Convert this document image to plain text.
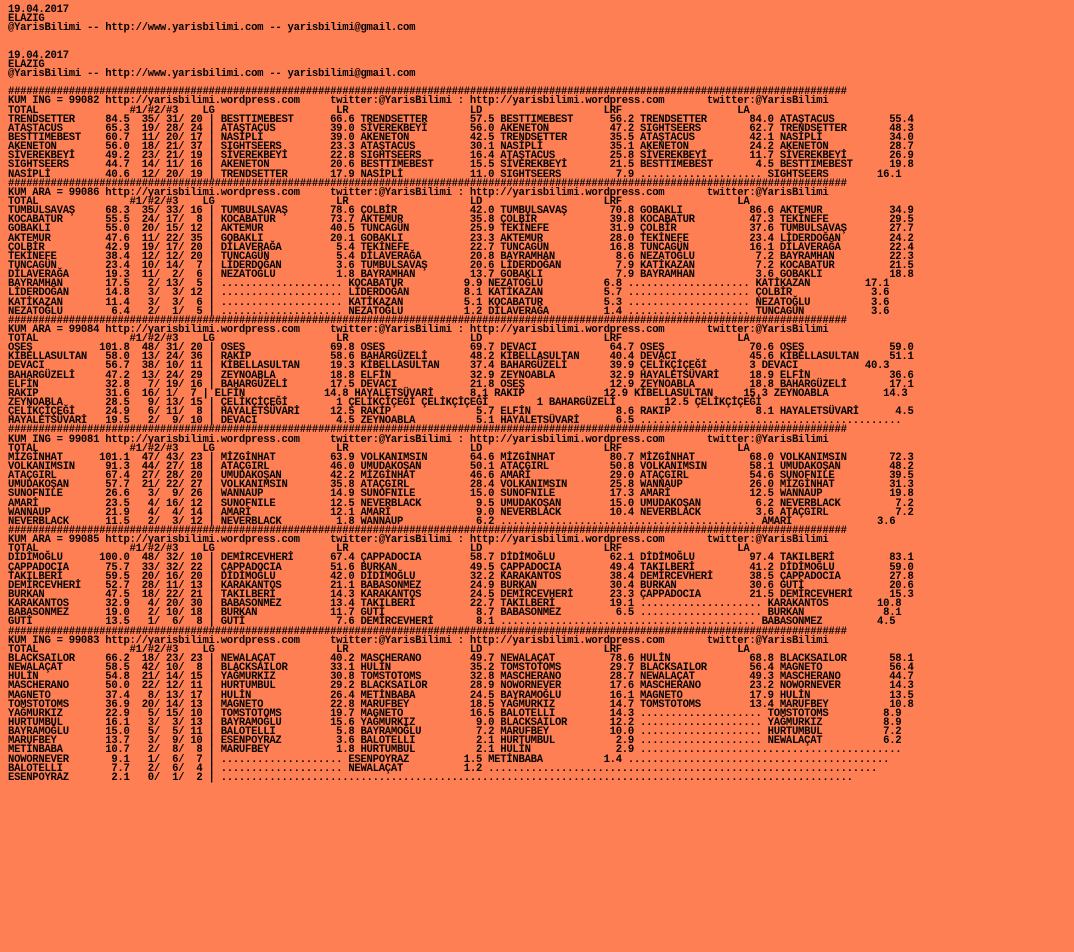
19.04.2017
ELAZIG
@YarisBilimi -- http://www.yarisbilimi.com -- yarisbilimi@gmail.com

19.04.2017
ELAZIG
@YarisBilimi -- http://www.yarisbilimi.com -- yarisbilimi@gmail.com

##########################################################################################################################################
KUM ING = 99082 http://yarisbilimi.wordpress.com     twitter:@YarisBilimi : http://yarisbilimi.wordpress.com       twitter:@YarisBilimi
TOTAL               #1/#2/#3    LG                    LR                    LD                    LRF                   LA
TRENDSETTER     84.5  35/ 31/ 20 | BESTTIMEBEST      66.6 TRENDSETTER       57.5 BESTTIMEBEST      56.2 TRENDSETTER       84.0 ATAŞTACUS         55.4
ATAŞTACUS       65.3  19/ 28/ 24 | ATAŞTACUS         39.0 SİVEREKBEYİ       56.0 AKENETON          47.2 SIGHTSEERS        62.7 TRENDSETTER       48.3
BESTTIMEBEST    60.7  11/ 20/ 17 | NASİPLİ           39.0 AKENETON          42.5 TRENDSETTER       35.5 ATAŞTACUS         42.1 NASİPLİ           34.0
AKENETON        56.0  18/ 21/ 37 | SIGHTSEERS        23.3 ATAŞTACUS         30.1 NASİPLİ           35.1 AKENETON          24.2 AKENETON          28.7
SİVEREKBEYİ     49.2  23/ 21/ 19 | SİVEREKBEYİ       22.8 SIGHTSEERS        16.4 ATAŞTACUS         25.8 SİVEREKBEYİ       11.7 SİVEREKBEYİ       26.9
SIGHTSEERS      44.7  14/ 11/ 16 | AKENETON          20.6 BESTTIMEBEST      15.5 SİVEREKBEYİ       21.5 BESTTIMEBEST       4.5 BESTTIMEBEST      19.8
NASİPLİ         40.6  12/ 20/ 19 | TRENDSETTER       17.9 NASİPLİ           11.0 SIGHTSEERS         7.9 .................... SIGHTSEERS        16.1
##########################################################################################################################################
KUM ARA = 99086 http://yarisbilimi.wordpress.com     twitter:@YarisBilimi : http://yarisbilimi.wordpress.com       twitter:@YarisBilimi
TOTAL               #1/#2/#3    LG                    LR                    LD                    LRF                   LA
TUMBULSAVAŞ     68.3  35/ 33/ 16 | TUMBULSAVAŞ       78.6 ÇOLBİR            42.0 TUMBULSAVAŞ       70.8 GOBAKLI           86.6 AKTEMUR           34.9
KOCABATUR       55.5  24/ 17/  8 | KOCABATUR         73.7 AKTEMUR           35.8 ÇOLBİR            39.8 KOCABATUR         47.3 TEKİNEFE          29.5
GOBAKLI         55.0  20/ 15/ 12 | AKTEMUR           40.5 TUNCAGÜN          25.9 TEKİNEFE          31.9 ÇOLBİR            37.6 TUMBULSAVAŞ       27.7
AKTEMUR         47.6  11/ 22/ 35 | GOBAKLI           20.1 GOBAKLI           23.3 AKTEMUR           28.0 TEKİNEFE          23.4 LİDERDOĞAN        24.2
ÇOLBİR          42.9  19/ 17/ 20 | DİLAVERAĞA         5.4 TEKİNEFE          22.7 TUNCAGÜN          16.8 TUNCAGÜN          16.1 DİLAVERAĞA        22.4
TEKİNEFE        38.4  12/ 12/ 20 | TUNCAGÜN           5.4 DİLAVERAĞA        20.8 BAYRAMHAN          8.6 NEZATOĞLU          7.2 BAYRAMHAN         22.3
TUNCAGÜN        23.4  10/ 14/  7 | LİDERDOĞAN         3.6 TUMBULSAVAŞ       20.6 LİDERDOĞAN         7.9 KATİKAZAN          7.2 KOCABATUR         21.5
DİLAVERAĞA      19.3  11/  2/  6 | NEZATOĞLU          1.8 BAYRAMHAN         13.7 GOBAKLI            7.9 BAYRAMHAN          3.6 GOBAKLI           18.8
BAYRAMHAN       17.5   2/ 13/  5 | .................... KOCABATUR          9.9 NEZATOĞLU          6.8 .................... KATİKAZAN         17.1
LİDERDOĞAN      14.8   3/  3/ 12 | .................... LİDERDOĞAN         8.1 KATİKAZAN          5.7 .................... ÇOLBİR             3.6
KATİKAZAN       11.4   3/  3/  6 | .................... KATİKAZAN          5.1 KOCABATUR          5.3 .................... NEZATOĞLU          3.6
NEZATOĞLU        6.4   2/  1/  5 | .................... NEZATOĞLU          1.2 DİLAVERAĞA         1.4 .................... TUNCAGÜN           3.6
##########################################################################################################################################
KUM ARA = 99084 http://yarisbilimi.wordpress.com     twitter:@YarisBilimi : http://yarisbilimi.wordpress.com       twitter:@YarisBilimi
TOTAL               #1/#2/#3    LG                    LR                    LD                    LRF                   LA
OSEŞ           101.8  48/ 31/ 20 | OSEŞ              69.8 OSEŞ              69.7 DEVACI            64.7 OSEŞ              70.6 OSEŞ              59.0
KİBELLASULTAN   58.0  13/ 24/ 36 | RAKIP             58.6 BAHARGÜZELİ       48.2 KİBELLASULTAN     40.4 DEVACI            45.6 KİBELLASULTAN     51.1
DEVACI          56.7  38/ 10/ 11 | KİBELLASULTAN     19.3 KİBELLASULTAN     37.4 BAHARGÜZELİ       39.9 ÇELİKÇİÇEĞİ       3 DEVACI           40.3
BAHARGÜZELİ     47.2  13/ 24/ 29 | ZEYNOABLA         18.8 ELFİN             32.9 ZEYNOABLA         32.9 HAYALETSÜVARİ     18.9 ELFİN             36.6
ELFİN           32.8   7/ 19/ 16 | BAHARGÜZELİ       17.5 DEVACI            21.8 OSEŞ              12.9 ZEYNOABLA         18.8 BAHARGÜZELİ       17.1
RAKIP           31.6  16/ 1/  7 | ELFİN             14.8 HAYALETSÜVARİ      8.1 RAKIP             12.9 KİBELLASULTAN     15.3 ZEYNOABLA         14.3
ZEYNOABLA       28.5   9/ 13/ 15 | ÇELİKÇİÇEĞİ        1 ÇELİKÇİÇEĞİ ÇELİKÇİÇEĞİ        1 BAHARGÜZELİ        12.5 ÇELİKÇİÇEĞİ
ÇELİKÇİÇEĞİ     24.9   6/ 11/  8 | HAYALETSÜVARİ     12.5 RAKIP              5.7 ELFİN              8.6 RAKIP              8.1 HAYALETSÜVARİ      4.5
HAYALETSÜVARİ   19.5   2/  9/ 10 | DEVACI             4.5 ZEYNOABLA          5.1 HAYALETSÜVARİ      6.5 ...........................................
##########################################################################################################################################
KUM ING = 99081 http://yarisbilimi.wordpress.com     twitter:@YarisBilimi : http://yarisbilimi.wordpress.com       twitter:@YarisBilimi
TOTAL               #1/#2/#3    LG                    LR                    LD                    LRF                   LA
MİZGİNHAT      101.1  47/ 43/ 23 | MİZGİNHAT         63.9 VOLKANIMSIN       64.6 MİZGİNHAT         80.7 MİZGİNHAT         68.0 VOLKANIMSIN       72.3
VOLKANIMSIN     91.3  44/ 27/ 18 | ATAÇGIRL          46.0 UMUDAKOŞAN        50.1 ATAÇGIRL          50.8 VOLKANIMSIN       58.1 UMUDAKOŞAN        48.2
ATAÇGIRL        67.4  27/ 28/ 20 | UMUDAKOŞAN        42.2 MİZGİNHAT         46.6 AMARİ             29.0 ATAÇGIRL          54.6 SUNOFNILE         39.5
UMUDAKOŞAN      57.7  21/ 22/ 27 | VOLKANIMSIN       35.8 ATAÇGIRL          28.4 VOLKANIMSIN       25.8 WANNAUP           26.0 MİZGİNHAT         31.3
SUNOFNILE       26.6   3/  9/ 26 | WANNAUP           14.9 SUNOFNILE         15.0 SUNOFNILE         17.3 AMARİ             12.5 WANNAUP           19.8
AMARİ           23.5   4/ 16/ 12 | SUNOFNILE         12.5 NEVERBLACK         9.5 UMUDAKOŞAN        15.0 UMUDAKOŞAN         6.2 NEVERBLACK         7.2
WANNAUP         21.9   4/  4/ 14 | AMARİ             12.1 AMARİ              9.0 NEVERBLACK        10.4 NEVERBLACK         3.6 ATAÇGIRL           7.2
NEVERBLACK      11.5   2/  3/ 12 | NEVERBLACK         1.8 WANNAUP            6.2 .......................................... AMARİ              3.6
##########################################################################################################################################
KUM ARA = 99085 http://yarisbilimi.wordpress.com     twitter:@YarisBilimi : http://yarisbilimi.wordpress.com       twitter:@YarisBilimi
TOTAL               #1/#2/#3    LG                    LR                    LD                    LRF                   LA
DİDİMOĞLU      100.0  48/ 32/ 10 | DEMİRCEVHERİ      67.4 ÇAPPADOCIA        58.7 DİDİMOĞLU         62.1 DİDİMOĞLU         97.4 TAKILBERİ         83.1
ÇAPPADOCIA      75.7  33/ 32/ 22 | ÇAPPADOCIA        51.6 BURKAN            49.5 ÇAPPADOCIA        49.4 TAKILBERİ         41.2 DİDİMOĞLU         59.0
TAKILBERİ       59.5  20/ 16/ 20 | DİDİMOĞLU         42.0 DİDİMOĞLU         32.2 KARAKANTOS        38.4 DEMİRCEVHERİ      38.5 ÇAPPADOCIA        27.8
DEMİRCEVHERİ    52.7  28/ 11/ 13 | KARAKANTOS        21.1 BABASONMEZ        24.9 BURKAN            30.4 BURKAN            30.6 GUTİ              20.6
BURKAN          47.5  18/ 22/ 21 | TAKILBERİ         14.3 KARAKANTOS        24.5 DEMİRCEVHERİ      23.3 ÇAPPADOCIA        21.5 DEMİRCEVHERİ      15.3
KARAKANTOS      32.9   4/ 20/ 30 | BABASONMEZ        13.4 TAKILBERİ         22.7 TAKILBERİ         19.1 .................... KARAKANTOS        10.8
BABASONMEZ      19.0   2/ 10/ 18 | BURKAN            11.7 GUTİ               8.7 BABASONMEZ         6.5 .................... BURKAN             8.1
GUTİ            13.5   1/  6/  8 | GUTİ               7.6 DEMİRCEVHERİ       8.1 .......................................... BABASONMEZ         4.5
##########################################################################################################################################
KUM ING = 99083 http://yarisbilimi.wordpress.com     twitter:@YarisBilimi : http://yarisbilimi.wordpress.com       twitter:@YarisBilimi
TOTAL               #1/#2/#3    LG                    LR                    LD                    LRF                   LA
BLACKSAILOR     66.2  18/ 23/ 23 | NEWALAÇAT         40.2 MASCHERANO        49.7 NEWALAÇAT         78.6 HULİN             68.8 BLACKSAILOR       58.1
NEWALAÇAT       58.5  42/ 10/  8 | BLACKSAILOR       33.1 HULİN             35.2 TOMSTOTOMS        29.7 BLACKSAILOR       56.4 MAGNETO           56.4
HULİN           54.8  21/ 14/ 15 | YAĞMURKIZ         30.8 TOMSTOTOMS        32.8 MASCHERANO        28.7 NEWALAÇAT         49.3 MASCHERANO        44.7
MASCHERANO      50.0  22/ 12/ 11 | HURTUMBUL         29.2 BLACKSAILOR       28.9 NOWORNEVER        17.6 MASCHERANO        23.2 NOWORNEVER        14.3
MAGNETO         37.4   8/ 13/ 17 | HULİN             26.4 METİNBABA         24.5 BAYRAMOĞLU        16.1 MAGNETO           17.9 HULİN             13.5
TOMSTOTOMS      36.9  20/ 14/ 13 | MAGNETO           22.8 MARUFBEY          18.5 YAĞMURKIZ         14.7 TOMSTOTOMS        13.4 MARUFBEY          10.8
YAĞMURKIZ       22.9   5/ 15/ 10 | TOMSTOTOMS        19.7 MAGNETO           16.5 BALOTELLI         14.3 .................... TOMSTOTOMS         8.9
HURTUMBUL       16.1   3/  3/ 13 | BAYRAMOĞLU        15.6 YAĞMURKIZ          9.0 BLACKSAILOR       12.2 .................... YAĞMURKIZ          8.9
BAYRAMOĞLU      15.0   5/  5/ 11 | BALOTELLI          5.8 BAYRAMOĞLU         7.2 MARUFBEY          10.0 .................... HURTUMBUL          7.2
MARUFBEY        13.7   3/  9/ 10 | ESENPOYRAZ         3.6 BALOTELLI          2.1 HURTUMBUL          2.9 .................... NEWALAÇAT          6.2
METİNBABA       10.7   2/  8/  8 | MARUFBEY           1.8 HURTUMBUL          2.1 HULİN              2.9 ...........................................
NOWORNEVER       9.1   1/  6/  7 | .................... ESENPOYRAZ         1.5 METİNBABA          1.4 ...........................................
BALOTELLI        7.7   2/  6/  4 | .................... NEWALAÇAT          1.2 ................................................................
ESENPOYRAZ       2.1   0/  1/  2 | ........................................................................................................
